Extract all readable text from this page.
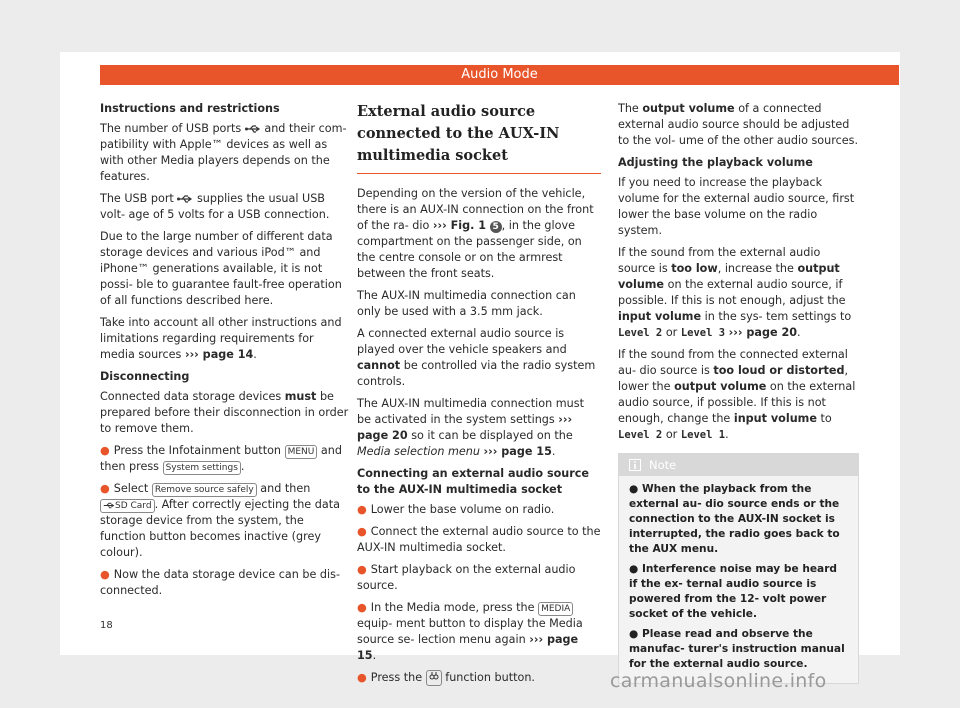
Audio Mode

Instructions and restrictions

The number of USB ports and their com- patibility with Apple™ devices as well as with other Media players depends on the features.

The USB port supplies the usual USB volt- age of 5 volts for a USB connection.

Due to the large number of different data storage devices and various iPod™ and iPhone™ generations available, it is not possi- ble to guarantee fault-free operation of all functions described here.

Take into account all other instructions and limitations regarding requirements for media sources ››› page 14.

Disconnecting

Connected data storage devices must be prepared before their disconnection in order to remove them.

● Press the Infotainment button MENU and then press System settings .

● Select Remove source safely and then SD Card . After correctly ejecting the data storage device from the system, the function button becomes inactive (grey colour).

● Now the data storage device can be dis- connected.

External audio source connected to the AUX-IN multimedia socket

Depending on the version of the vehicle, there is an AUX-IN connection on the front of the ra- dio ››› Fig. 1 5 , in the glove compartment on the passenger side, on the centre console or on the armrest between the front seats.

The AUX-IN multimedia connection can only be used with a 3.5 mm jack.

A connected external audio source is played over the vehicle speakers and cannot be controlled via the radio system controls.

The AUX-IN multimedia connection must be activated in the system settings ››› page 20 so it can be displayed on the Media selection menu ››› page 15.

Connecting an external audio source to the AUX-IN multimedia socket

● Lower the base volume on radio.

● Connect the external audio source to the AUX-IN multimedia socket.

● Start playback on the external audio source.

● In the Media mode, press the MEDIA equip- ment button to display the Media source se- lection menu again ››› page 15.

● Press the function button.

The output volume of a connected external audio source should be adjusted to the vol- ume of the other audio sources.

Adjusting the playback volume

If you need to increase the playback volume for the external audio source, first lower the base volume on the radio system.

If the sound from the external audio source is too low, increase the output volume on the external audio source, if possible. If this is not enough, adjust the input volume in the sys- tem settings to Level 2 or Level 3 ››› page 20.

If the sound from the connected external au- dio source is too loud or distorted, lower the output volume on the external audio source, if possible. If this is not enough, change the input volume to Level 2 or Level 1.

Note

● When the playback from the external au- dio source ends or the connection to the AUX-IN socket is interrupted, the radio goes back to the AUX menu.

● Interference noise may be heard if the ex- ternal audio source is powered from the 12- volt power socket of the vehicle.

● Please read and observe the manufac- turer's instruction manual for the external audio source.

18
carmanualsonline.info
